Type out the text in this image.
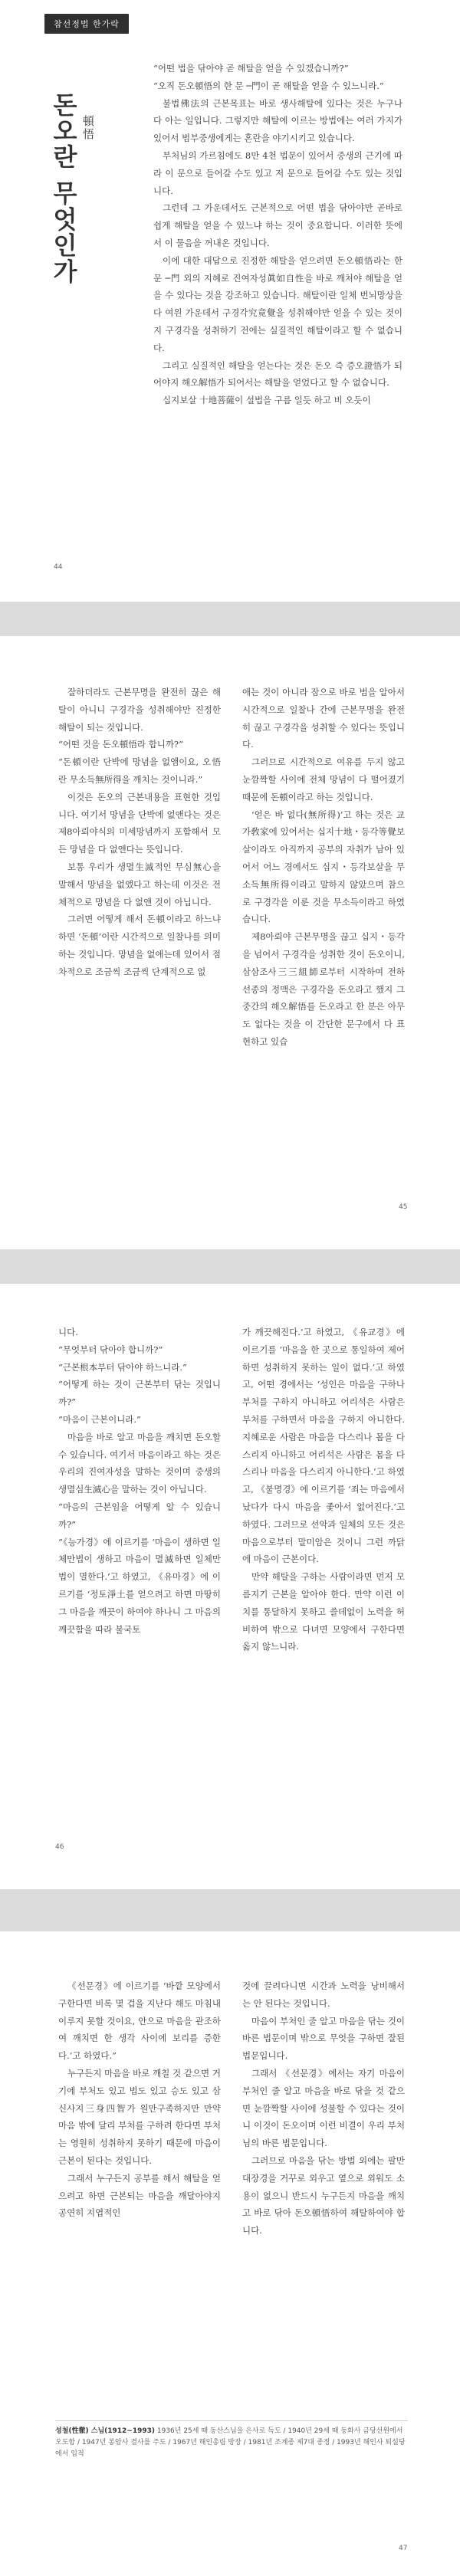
참선정법 한가락
돈오란 무엇인가 頓悟

“어떤 법을 닦아야 곧 해탈을 얻을 수 있겠습니까?”

“오직 돈오頓悟의 한 문 ─門이 곧 해탈을 얻을 수 있느니라.”

불법佛法의 근본목표는 바로 생사해탈에 있다는 것은 누구나 다 아는 일입니다. 그렇지만 해탈에 이르는 방법에는 여러 가지가 있어서 범부중생에게는 혼란을 야기시키고 있습니다.

부처님의 가르침에도 8만 4천 법문이 있어서 중생의 근기에 따라 이 문으로 들어갈 수도 있고 저 문으로 들어갈 수도 있는 것입니다.

그런데 그 가운데서도 근본적으로 어떤 법을 닦아야만 곧바로 쉽게 해탈을 얻을 수 있느냐 하는 것이 중요합니다. 이러한 뜻에서 이 물음을 꺼내온 것입니다.

이에 대한 대답으로 진정한 해탈을 얻으려면 돈오頓悟라는 한 문 ─門 외의 지혜로 진여자성眞如自性을 바로 깨쳐야 해탈을 얻을 수 있다는 것을 강조하고 있습니다. 해탈이란 일체 번뇌망상을 다 여읜 가운데서 구경각究竟覺을 성취해야만 얻을 수 있는 것이지 구경각을 성취하기 전에는 실질적인 해탈이라고 할 수 없습니다.

그리고 실질적인 해탈을 얻는다는 것은 돈오 즉 증오證悟가 되어야지 해오解悟가 되어서는 해탈을 얻었다고 할 수 없습니다.

십지보살 十地菩薩이 설법을 구름 일듯 하고 비 오듯이

44

잘하더라도 근본무명을 완전히 끊은 해탈이 아니니 구경각을 성취해야만 진정한 해탈이 되는 것입니다.

“어떤 것을 돈오頓悟라 합니까?”

“돈頓이란 단박에 망념을 없앰이요, 오悟란 무소득無所得을 깨치는 것이니라.”

이것은 돈오의 근본내용을 표현한 것입니다. 여기서 망념을 단박에 없앤다는 것은 제8아뢰야식의 미세망념까지 포함해서 모든 망념을 다 없앤다는 뜻입니다.

보통 우리가 생멸生滅적인 무심無心을 말해서 망념을 없앴다고 하는데 이것은 전체적으로 망념을 다 없앤 것이 아닙니다.

그러면 어떻게 해서 돈頓이라고 하느냐 하면 ‘돈頓’이란 시간적으로 일찰나를 의미하는 것입니다. 망념을 없애는데 있어서 점차적으로 조금씩 조금씩 단계적으로 없

애는 것이 아니라 잠으로 바로 범을 알아서 시간적으로 일찰나 간에 근본무명을 완전히 끊고 구경각을 성취할 수 있다는 뜻입니다.

그러므로 시간적으로 여유를 두지 않고 눈깜짝할 사이에 전체 망념이 다 떨어졌기 때문에 돈頓이라고 하는 것입니다.

‘얻은 바 없다(無所得)’고 하는 것은 교가敎家에 있어서는 십지十地・등각等覺보살이라도 아직까지 공부의 자취가 남아 있어서 어느 경에서도 십지・등각보살을 무소득無所得이라고 말하지 않았으며 참으로 구경각을 이룬 것을 무소득이라고 하였습니다.

제8아뢰야 근본무명을 끊고 십지・등각을 넘어서 구경각을 성취한 것이 돈오이니, 삼삼조사三三組師로부터 시작하여 전하 선종의 정맥은 구경각을 돈오라고 했지 그 중간의 해오解悟를 돈오라고 한 분은 아무도 없다는 것을 이 간단한 문구에서 다 표현하고 있습

45

니다.

“무엇부터 닦아야 합니까?”

“근본根本부터 닦아야 하느니라.”

“어떻게 하는 것이 근본부터 닦는 것입니까?”

“마음이 근본이니라.”

마음을 바로 알고 마음을 깨치면 돈오할 수 있습니다. 여기서 마음이라고 하는 것은 우리의 진여자성을 말하는 것이며 중생의 생멸심生滅心을 말하는 것이 아닙니다.

“마음의 근본임을 어떻게 알 수 있습니까?”

“《능가경》에 이르기를 ‘마음이 생하면 일체만법이 생하고 마음이 멸滅하면 일체만법이 멸한다.’고 하였고, 《유마경》에 이르기를 ‘정토淨土를 얻으려고 하면 마땅히 그 마음을 깨끗이 하여야 하나니 그 마음의 깨끗함을 따라 불국토

가 깨끗해진다.’고 하였고, 《유교경》에 이르기를 ‘마음을 한 곳으로 통일하여 제어하면 성취하지 못하는 일이 없다.’고 하였고, 어떤 경에서는 ‘성인은 마음을 구하나 부처를 구하지 아니하고 어리석은 사람은 부처를 구하면서 마음을 구하지 아니한다. 지혜로운 사람은 마음을 다스리나 몸을 다스리지 아니하고 어리석은 사람은 몸을 다스리나 마음을 다스리지 아니한다.’고 하였고, 《불명경》에 이르기를 ‘죄는 마음에서 났다가 다시 마음을 좇아서 없어진다.’고 하였다. 그러므로 선악과 일체의 모든 것은 마음으로부터 말미암은 것이니 그런 까닭에 마음이 근본이다.

만약 해탈을 구하는 사람이라면 먼저 모름지기 근본을 알아야 한다. 만약 이런 이치를 통달하지 못하고 쓸데없이 노력을 허비하여 밖으로 다녀면 모양에서 구한다면 옳지 않느니라.

46

《선문경》에 이르기를 ‘바깥 모양에서 구한다면 비록 몇 겁을 지난다 해도 마침내 이루지 못할 것이요, 안으로 마음을 관조하여 깨치면 한 생각 사이에 보리를 증한다.’고 하였다.”

누구든지 마음을 바로 깨칠 것 같으면 거기에 부처도 있고 법도 있고 승도 있고 삼신사지三身四智가 원만구족하지만 만약 마음 밖에 달리 부처를 구하려 한다면 부처는 영원히 성취하지 못하기 때문에 마음이 근본이 된다는 것입니다.

그래서 누구든지 공부를 해서 해탈을 얻으려고 하면 근본되는 마음을 깨달아야지 공연히 지엽적인

것에 끌려다니면 시간과 노력을 낭비해서는 안 된다는 것입니다.

마음이 부처인 줄 알고 마음을 닦는 것이 바른 법문이며 밖으로 무엇을 구하면 잘된 법문입니다.

그래서 《선문경》에서는 자기 마음이 부처인 줄 알고 마음을 바로 닦을 것 같으면 눈깜짝할 사이에 성불할 수 있다는 것이니 이것이 돈오이며 이런 비결이 우리 부처님의 바른 법문입니다.

그러므로 마음을 닦는 방법 외에는 팔만대장경을 거꾸로 외우고 옆으로 외워도 소용이 없으니 반드시 누구든지 마음을 깨치고 바로 닦아 돈오頓悟하여 해탈하여야 합니다.

47
성철(性徹) 스님(1912~1993) 1936년 25세 때 동산스님을 은사로 득도 / 1940년 29세 때 동화사 금당선원에서 오도함 / 1947년 봉암사 결사를 주도 / 1967년 해인총림 방장 / 1981년 조계종 제7대 종정 / 1993년 해인사 퇴설당에서 입적
